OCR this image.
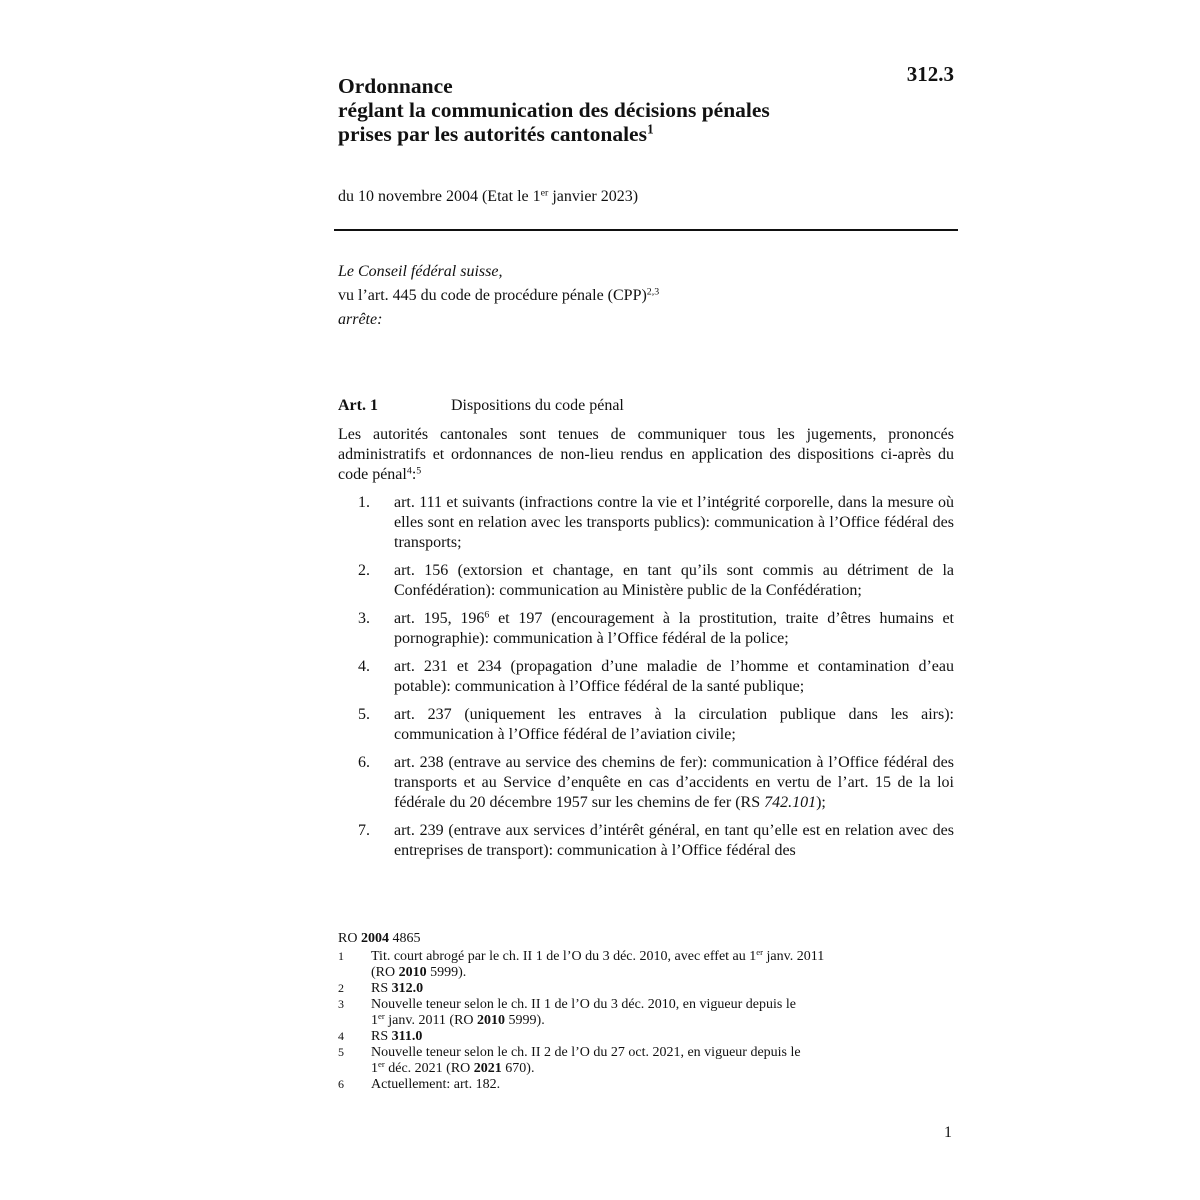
312.3
Ordonnance
réglant la communication des décisions pénales
prises par les autorités cantonales$^1$
du 10 novembre 2004 (Etat le 1er janvier 2023)
Le Conseil fédéral suisse,
vu l’art. 445 du code de procédure pénale (CPP)$^{2,3}$
arrête:
Art. 1	Dispositions du code pénal
Les autorités cantonales sont tenues de communiquer tous les jugements, prononcés administratifs et ordonnances de non-lieu rendus en application des dispositions ci-après du code pénal$^4$:$^5$
1.	art. 111 et suivants (infractions contre la vie et l’intégrité corporelle, dans la mesure où elles sont en relation avec les transports publics): communication à l’Office fédéral des transports;
2.	art. 156 (extorsion et chantage, en tant qu’ils sont commis au détriment de la Confédération): communication au Ministère public de la Confédération;
3.	art. 195, $196^6$ et 197 (encouragement à la prostitution, traite d’êtres humains et pornographie): communication à l’Office fédéral de la police;
4.	art. 231 et 234 (propagation d’une maladie de l’homme et contamination d’eau potable): communication à l’Office fédéral de la santé publique;
5.	art. 237 (uniquement les entraves à la circulation publique dans les airs): communication à l’Office fédéral de l’aviation civile;
6.	art. 238 (entrave au service des chemins de fer): communication à l’Office fédéral des transports et au Service d’enquête en cas d’accidents en vertu de l’art. 15 de la loi fédérale du 20 décembre 1957 sur les chemins de fer (RS 742.101);
7.	art. 239 (entrave aux services d’intérêt général, en tant qu’elle est en relation avec des entreprises de transport): communication à l’Office fédéral des
RO 2004 4865
1	Tit. court abrogé par le ch. II 1 de l’O du 3 déc. 2010, avec effet au 1er janv. 2011
(RO 2010 5999).
2	RS 312.0
3	Nouvelle teneur selon le ch. II 1 de l’O du 3 déc. 2010, en vigueur depuis le
1er janv. 2011 (RO 2010 5999).
4	RS 311.0
5	Nouvelle teneur selon le ch. II 2 de l’O du 27 oct. 2021, en vigueur depuis le
1er déc. 2021 (RO 2021 670).
6	Actuellement: art. 182.
1
